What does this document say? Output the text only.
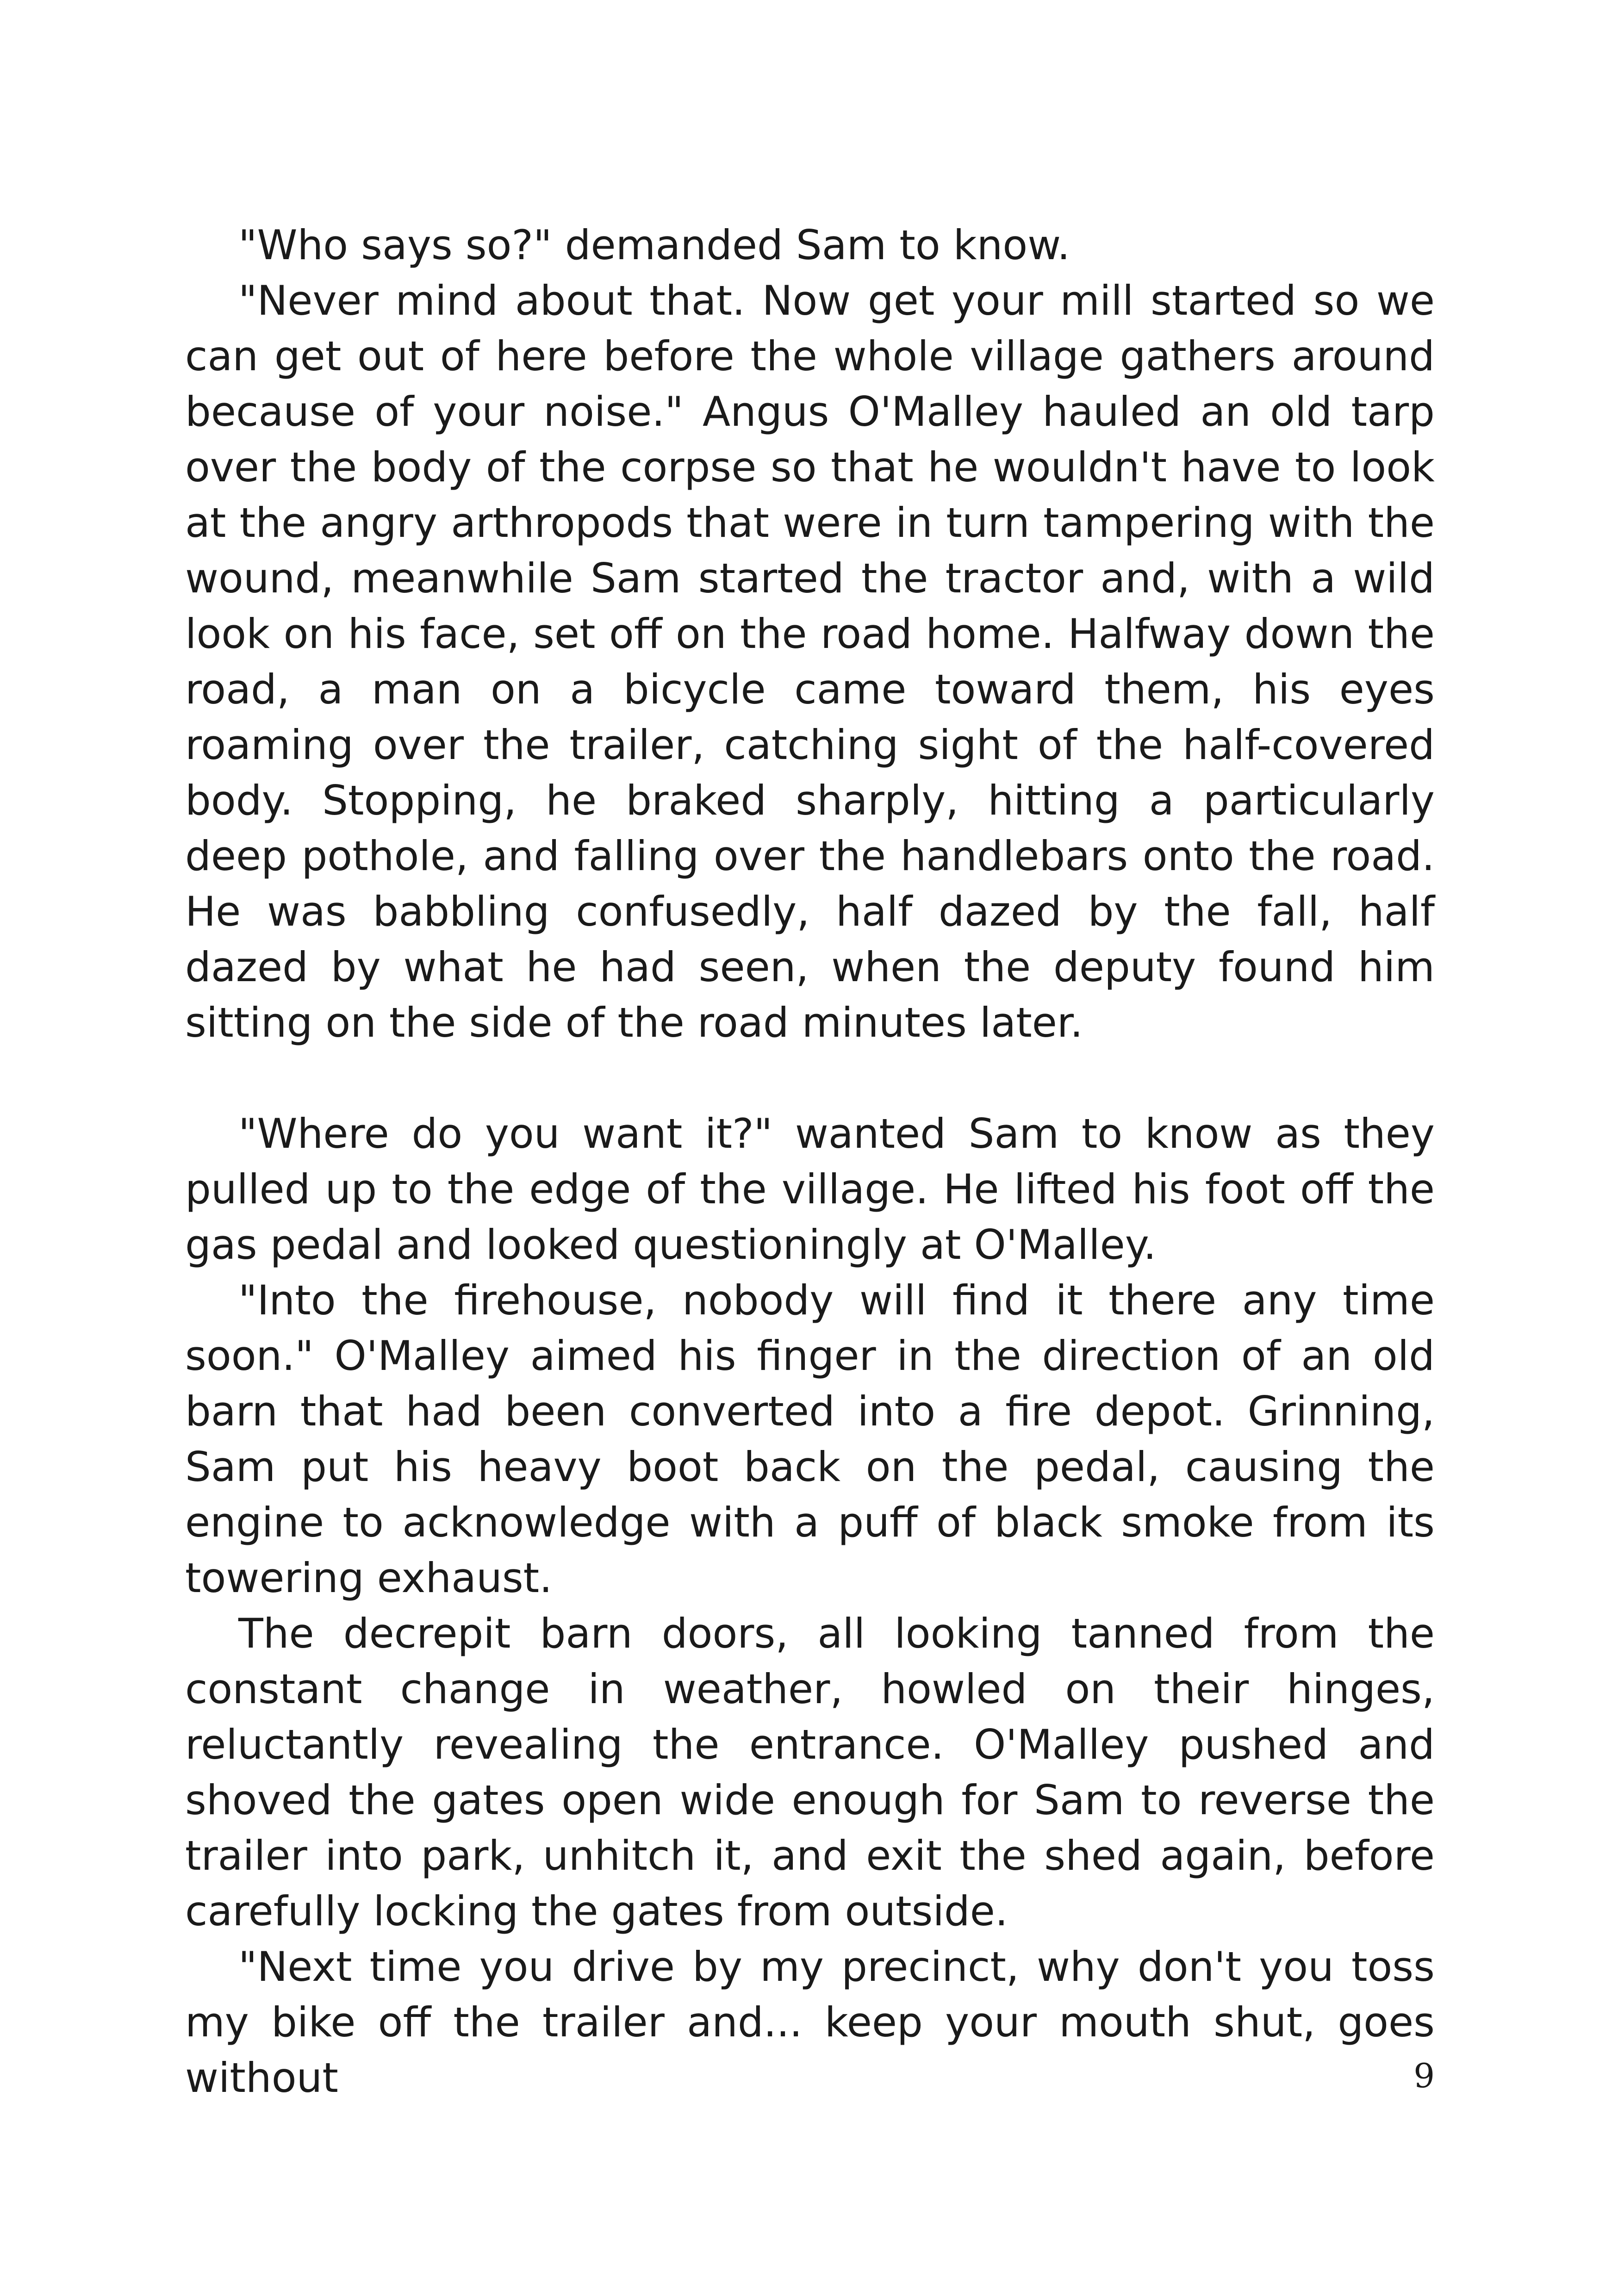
"Who says so?" demanded Sam to know.

"Never mind about that. Now get your mill started so we can get out of here before the whole village gathers around because of your noise." Angus O'Malley hauled an old tarp over the body of the corpse so that he wouldn't have to look at the angry arthropods that were in turn tampering with the wound, meanwhile Sam started the tractor and, with a wild look on his face, set off on the road home. Halfway down the road, a man on a bicycle came toward them, his eyes roaming over the trailer, catching sight of the half-covered body. Stopping, he braked sharply, hitting a particularly deep pothole, and falling over the handlebars onto the road. He was babbling confusedly, half dazed by the fall, half dazed by what he had seen, when the deputy found him sitting on the side of the road minutes later.

"Where do you want it?" wanted Sam to know as they pulled up to the edge of the village. He lifted his foot off the gas pedal and looked questioningly at O'Malley.

"Into the firehouse, nobody will find it there any time soon." O'Malley aimed his finger in the direction of an old barn that had been converted into a fire depot. Grinning, Sam put his heavy boot back on the pedal, causing the engine to acknowledge with a puff of black smoke from its towering exhaust.

The decrepit barn doors, all looking tanned from the constant change in weather, howled on their hinges, reluctantly revealing the entrance. O'Malley pushed and shoved the gates open wide enough for Sam to reverse the trailer into park, unhitch it, and exit the shed again, before carefully locking the gates from outside.

"Next time you drive by my precinct, why don't you toss my bike off the trailer and... keep your mouth shut, goes without	9
